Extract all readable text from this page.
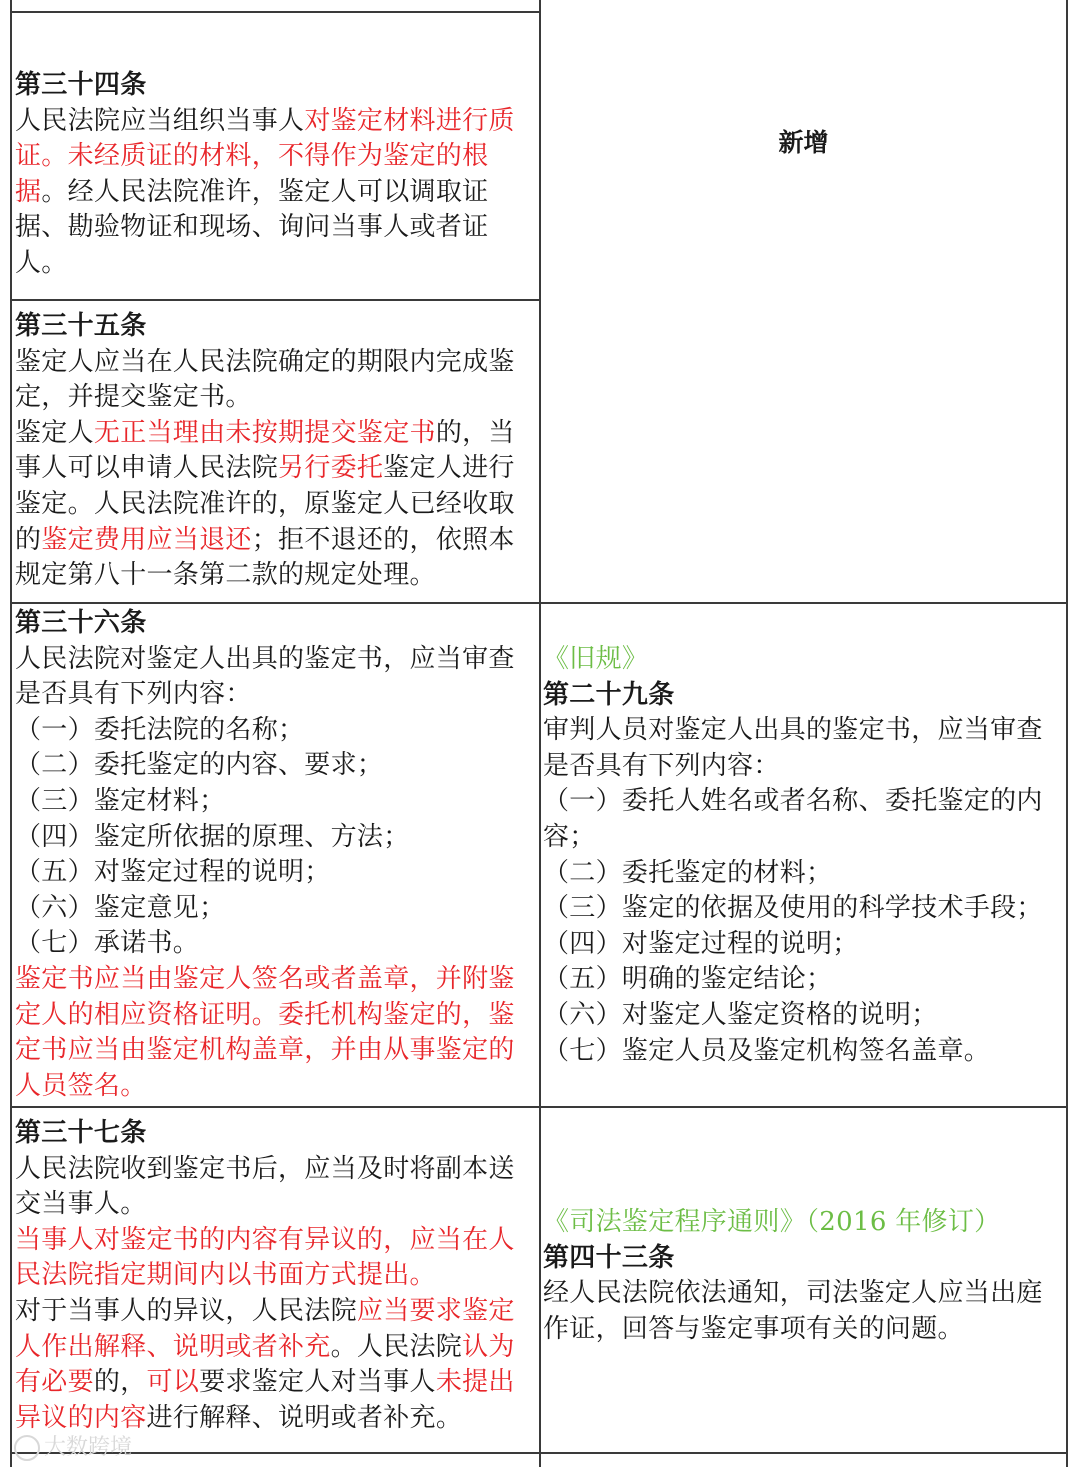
第三十四条

人民法院应当组织当事人对鉴定材料进行质证。未经质证的材料，不得作为鉴定的根据。经人民法院准许，鉴定人可以调取证据、勘验物证和现场、询问当事人或者证人。

新增

第三十五条

鉴定人应当在人民法院确定的期限内完成鉴定，并提交鉴定书。

鉴定人无正当理由未按期提交鉴定书的，当事人可以申请人民法院另行委托鉴定人进行鉴定。人民法院准许的，原鉴定人已经收取的鉴定费用应当退还；拒不退还的，依照本规定第八十一条第二款的规定处理。

第三十六条

人民法院对鉴定人出具的鉴定书，应当审查是否具有下列内容：

（一）委托法院的名称；

（二）委托鉴定的内容、要求；

（三）鉴定材料；

（四）鉴定所依据的原理、方法；

（五）对鉴定过程的说明；

（六）鉴定意见；

（七）承诺书。

鉴定书应当由鉴定人签名或者盖章，并附鉴定人的相应资格证明。委托机构鉴定的，鉴定书应当由鉴定机构盖章，并由从事鉴定的人员签名。

《旧规》

第二十九条

审判人员对鉴定人出具的鉴定书，应当审查是否具有下列内容：

（一）委托人姓名或者名称、委托鉴定的内容；

（二）委托鉴定的材料；

（三）鉴定的依据及使用的科学技术手段；

（四）对鉴定过程的说明；

（五）明确的鉴定结论；

（六）对鉴定人鉴定资格的说明；

（七）鉴定人员及鉴定机构签名盖章。

第三十七条

人民法院收到鉴定书后，应当及时将副本送交当事人。

当事人对鉴定书的内容有异议的，应当在人民法院指定期间内以书面方式提出。

对于当事人的异议，人民法院应当要求鉴定人作出解释、说明或者补充。人民法院认为有必要的，可以要求鉴定人对当事人未提出异议的内容进行解释、说明或者补充。

《司法鉴定程序通则》（2016 年修订）

第四十三条

经人民法院依法通知，司法鉴定人应当出庭作证，回答与鉴定事项有关的问题。

大数跨境
